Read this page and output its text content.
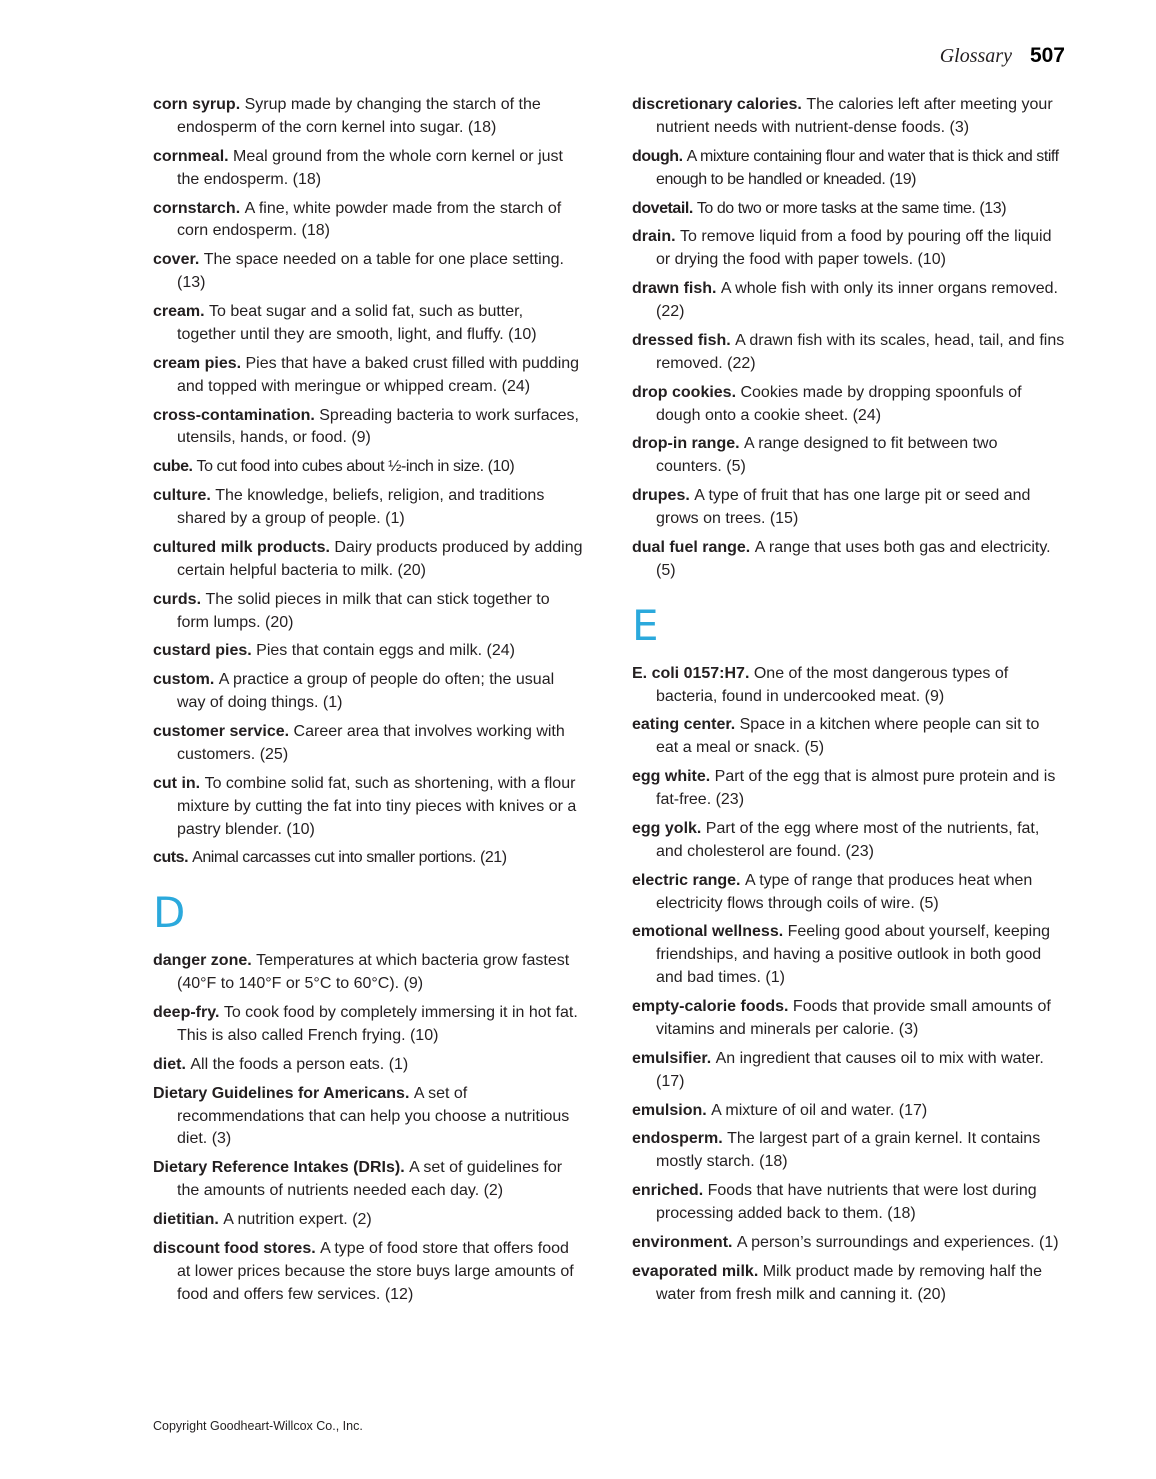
Glossary 507

corn syrup. Syrup made by changing the starch of the endosperm of the corn kernel into sugar. (18)

cornmeal. Meal ground from the whole corn kernel or just the endosperm. (18)

cornstarch. A fine, white powder made from the starch of corn endosperm. (18)

cover. The space needed on a table for one place setting. (13)

cream. To beat sugar and a solid fat, such as butter, together until they are smooth, light, and fluffy. (10)

cream pies. Pies that have a baked crust filled with pudding and topped with meringue or whipped cream. (24)

cross-contamination. Spreading bacteria to work surfaces, utensils, hands, or food. (9)

cube. To cut food into cubes about ½-inch in size. (10)

culture. The knowledge, beliefs, religion, and traditions shared by a group of people. (1)

cultured milk products. Dairy products produced by adding certain helpful bacteria to milk. (20)

curds. The solid pieces in milk that can stick together to form lumps. (20)

custard pies. Pies that contain eggs and milk. (24)

custom. A practice a group of people do often; the usual way of doing things. (1)

customer service. Career area that involves working with customers. (25)

cut in. To combine solid fat, such as shortening, with a flour mixture by cutting the fat into tiny pieces with knives or a pastry blender. (10)

cuts. Animal carcasses cut into smaller portions. (21)

D

danger zone. Temperatures at which bacteria grow fastest (40°F to 140°F or 5°C to 60°C). (9)

deep-fry. To cook food by completely immersing it in hot fat. This is also called French frying. (10)

diet. All the foods a person eats. (1)

Dietary Guidelines for Americans. A set of recommendations that can help you choose a nutritious diet. (3)

Dietary Reference Intakes (DRIs). A set of guidelines for the amounts of nutrients needed each day. (2)

dietitian. A nutrition expert. (2)

discount food stores. A type of food store that offers food at lower prices because the store buys large amounts of food and offers few services. (12)

discretionary calories. The calories left after meeting your nutrient needs with nutrient-dense foods. (3)

dough. A mixture containing flour and water that is thick and stiff enough to be handled or kneaded. (19)

dovetail. To do two or more tasks at the same time. (13)

drain. To remove liquid from a food by pouring off the liquid or drying the food with paper towels. (10)

drawn fish. A whole fish with only its inner organs removed. (22)

dressed fish. A drawn fish with its scales, head, tail, and fins removed. (22)

drop cookies. Cookies made by dropping spoonfuls of dough onto a cookie sheet. (24)

drop-in range. A range designed to fit between two counters. (5)

drupes. A type of fruit that has one large pit or seed and grows on trees. (15)

dual fuel range. A range that uses both gas and electricity. (5)

E

E. coli 0157:H7. One of the most dangerous types of bacteria, found in undercooked meat. (9)

eating center. Space in a kitchen where people can sit to eat a meal or snack. (5)

egg white. Part of the egg that is almost pure protein and is fat-free. (23)

egg yolk. Part of the egg where most of the nutrients, fat, and cholesterol are found. (23)

electric range. A type of range that produces heat when electricity flows through coils of wire. (5)

emotional wellness. Feeling good about yourself, keeping friendships, and having a positive outlook in both good and bad times. (1)

empty-calorie foods. Foods that provide small amounts of vitamins and minerals per calorie. (3)

emulsifier. An ingredient that causes oil to mix with water. (17)

emulsion. A mixture of oil and water. (17)

endosperm. The largest part of a grain kernel. It contains mostly starch. (18)

enriched. Foods that have nutrients that were lost during processing added back to them. (18)

environment. A person’s surroundings and experiences. (1)

evaporated milk. Milk product made by removing half the water from fresh milk and canning it. (20)

Copyright Goodheart-Willcox Co., Inc.
